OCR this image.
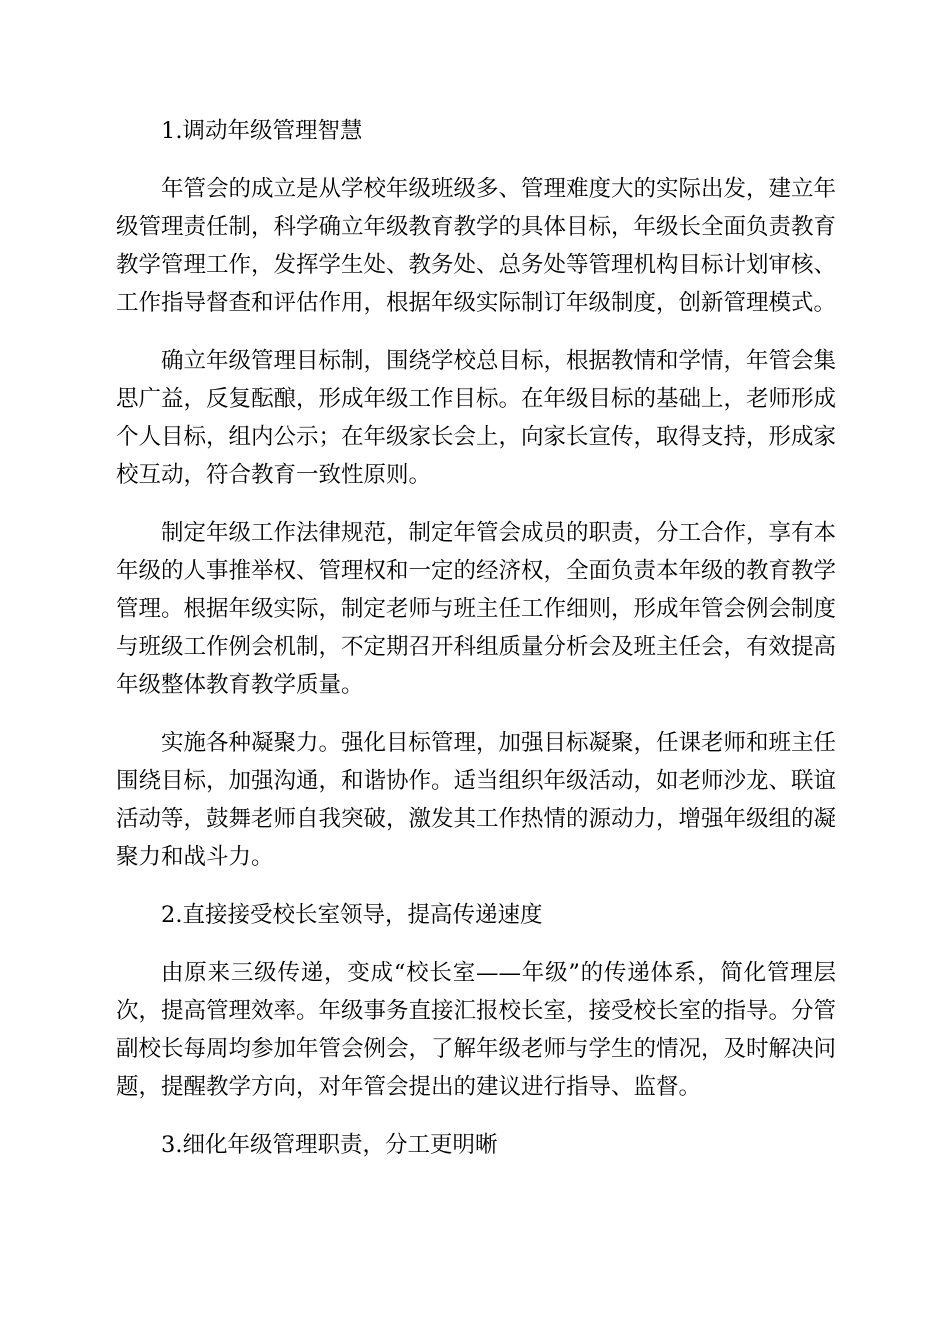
1.调动年级管理智慧

年管会的成立是从学校年级班级多、管理难度大的实际出发，建立年级管理责任制，科学确立年级教育教学的具体目标，年级长全面负责教育教学管理工作，发挥学生处、教务处、总务处等管理机构目标计划审核、工作指导督查和评估作用，根据年级实际制订年级制度，创新管理模式。

确立年级管理目标制，围绕学校总目标，根据教情和学情，年管会集思广益，反复酝酿，形成年级工作目标。在年级目标的基础上，老师形成个人目标，组内公示；在年级家长会上，向家长宣传，取得支持，形成家校互动，符合教育一致性原则。

制定年级工作法律规范，制定年管会成员的职责，分工合作，享有本年级的人事推举权、管理权和一定的经济权，全面负责本年级的教育教学管理。根据年级实际，制定老师与班主任工作细则，形成年管会例会制度与班级工作例会机制，不定期召开科组质量分析会及班主任会，有效提高年级整体教育教学质量。

实施各种凝聚力。强化目标管理，加强目标凝聚，任课老师和班主任围绕目标，加强沟通，和谐协作。适当组织年级活动，如老师沙龙、联谊活动等，鼓舞老师自我突破，激发其工作热情的源动力，增强年级组的凝聚力和战斗力。

2.直接接受校长室领导，提高传递速度

由原来三级传递，变成“校长室——年级”的传递体系，简化管理层次，提高管理效率。年级事务直接汇报校长室，接受校长室的指导。分管副校长每周均参加年管会例会，了解年级老师与学生的情况，及时解决问题，提醒教学方向，对年管会提出的建议进行指导、监督。

3.细化年级管理职责，分工更明晰
